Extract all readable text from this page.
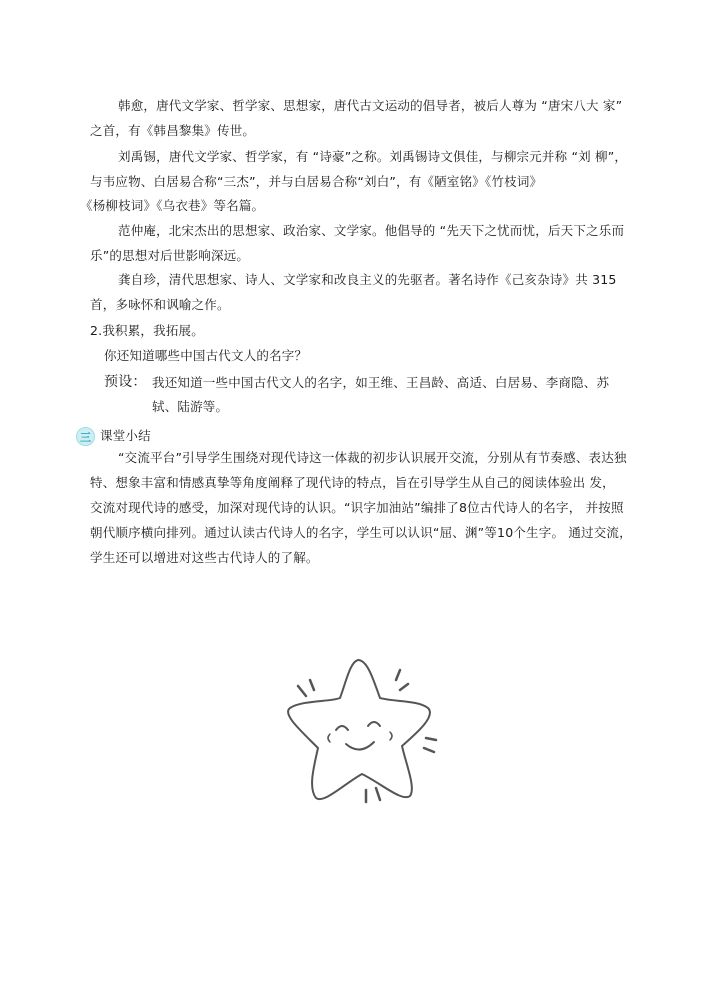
韩愈，唐代文学家、哲学家、思想家，唐代古文运动的倡导者，被后人尊为 “唐宋八大 家”
之首，有《韩昌黎集》传世。
刘禹锡，唐代文学家、哲学家，有 “诗豪”之称。刘禹锡诗文俱佳，与柳宗元并称 “刘 柳”，
与韦应物、白居易合称“三杰”，并与白居易合称“刘白”，有《陋室铭》《竹枝词》
《杨柳枝词》《乌衣巷》等名篇。
范仲庵，北宋杰出的思想家、政治家、文学家。他倡导的 “先天下之忧而忧，后天下之乐而
乐”的思想对后世影响深远。
龚自珍，清代思想家、诗人、文学家和改良主义的先驱者。著名诗作《己亥杂诗》共 315
首，多咏怀和讽喻之作。
2.我积累，我拓展。
你还知道哪些中国古代文人的名字？
预设： 我还知道一些中国古代文人的名字，如王维、王昌龄、高适、白居易、李商隐、苏
轼、陆游等。
三 课堂小结
“交流平台”引导学生围绕对现代诗这一体裁的初步认识展开交流，分别从有节奏感、表达独
特、想象丰富和情感真挚等角度阐释了现代诗的特点，旨在引导学生从自己的阅读体验出 发，
交流对现代诗的感受，加深对现代诗的认识。“识字加油站”编排了8位古代诗人的名字， 并按照
朝代顺序横向排列。通过认读古代诗人的名字，学生可以认识“屈、渊”等10个生字。 通过交流，
学生还可以增进对这些古代诗人的了解。
